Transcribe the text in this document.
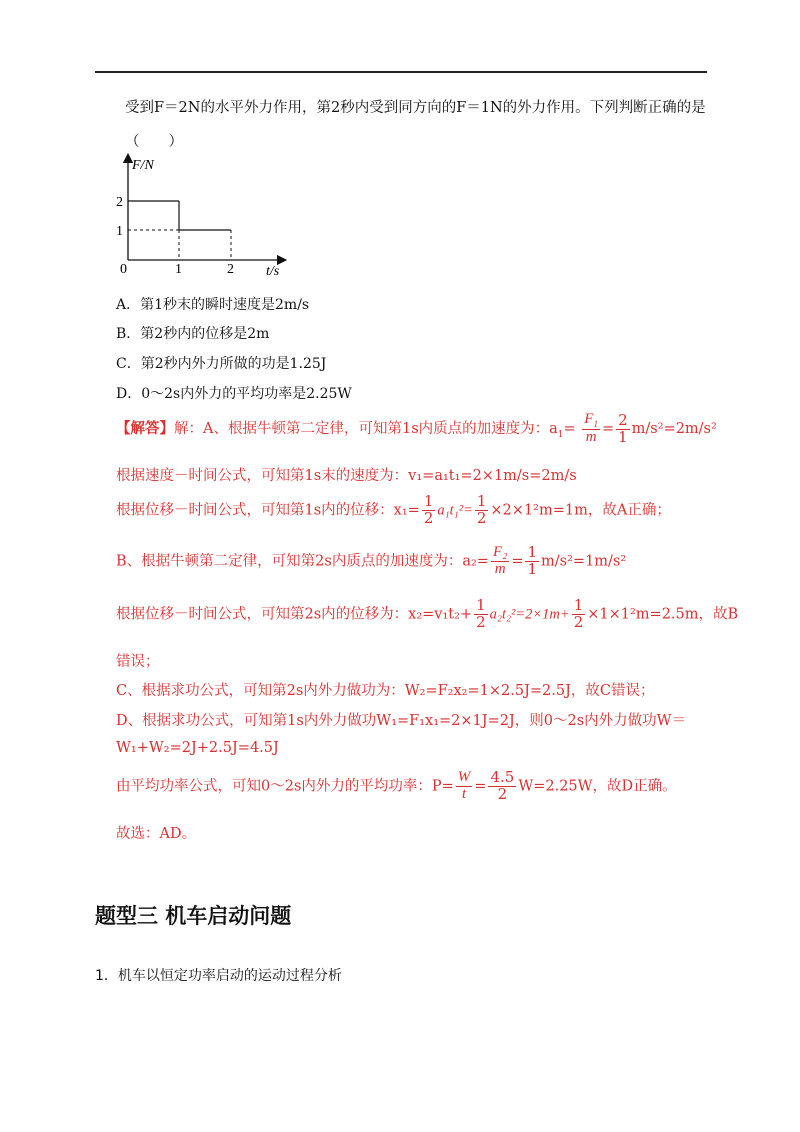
受到F＝2N的水平外力作用，第2秒内受到同方向的F＝1N的外力作用。下列判断正确的是
（　　）
F/N
2
1
0	1	2 t/s
A．第1秒末的瞬时速度是2m/s
B．第2秒内的位移是2m
C．第2秒内外力所做的功是1.25J
D．0～2s内外力的平均功率是2.25W
【解答】解：A、根据牛顿第二定律，可知第1s内质点的加速度为：$a_1= \frac{F_1}{m} = \frac{2}{1} m/s^2=2m/s^2$
根据速度－时间公式，可知第1s末的速度为：v₁=a₁t₁=2×1m/s=2m/s
根据位移－时间公式，可知第1s内的位移：$x_1= \frac{1}{2} a_1t_1^2= \frac{1}{2} \times 2\times 1^2m=1m$，故A正确；
B、根据牛顿第二定律，可知第2s内质点的加速度为：$a_2= \frac{\text{F₂}}{m} = \frac{1}{1} m/s^2=1m/s^2$
根据位移－时间公式，可知第2s内的位移为：$x_2=v_1t_2+ \frac{1}{2} a_2t_2^2=2\times 1m+ \frac{1}{2} \times 1\times 1^2m=2.5m$，故B
错误；
C、根据求功公式，可知第2s内外力做功为：W₂=F₂x₂=1×2.5J=2.5J，故C错误；
D、根据求功公式，可知第1s内外力做功W₁=F₁x₁=2×1J=2J，则0～2s内外力做功W＝
W₁+W₂=2J+2.5J=4.5J
由平均功率公式，可知0～2s内外力的平均功率：$P= \frac{W}{t} = \frac{4.5}{2} W=2.25W$，故D正确。
故选：AD。
题型三 机车启动问题
1．机车以恒定功率启动的运动过程分析
